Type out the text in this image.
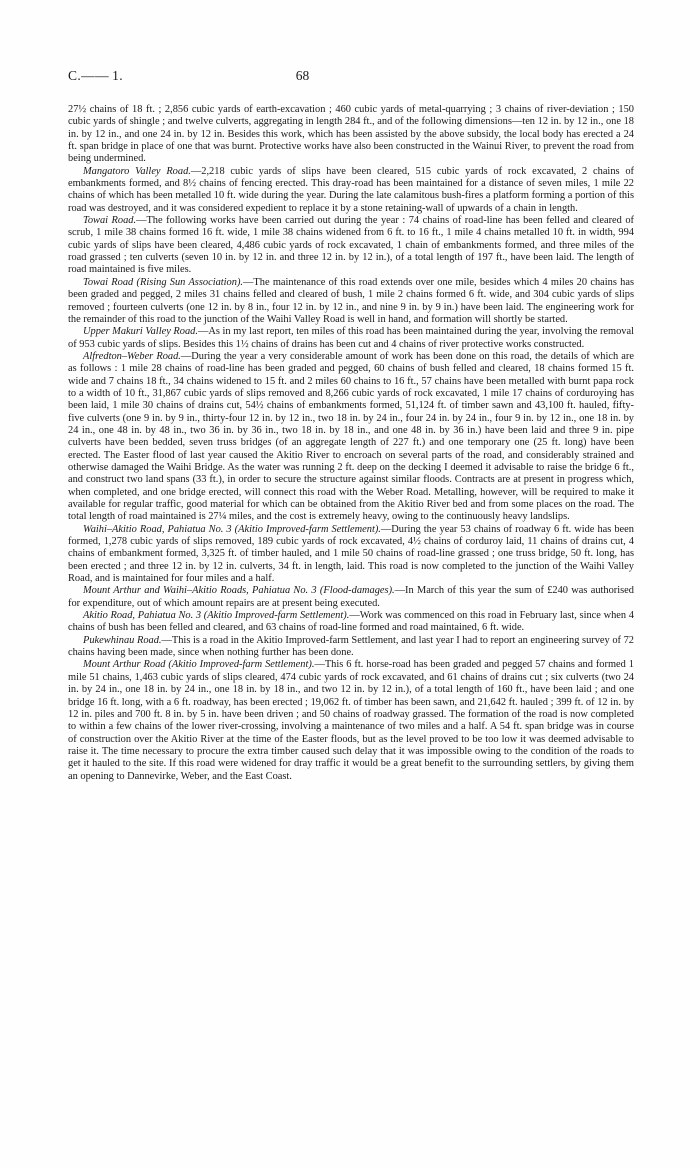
C.—— 1.	68

27½ chains of 18 ft. ; 2,856 cubic yards of earth-excavation ; 460 cubic yards of metal-quarrying ; 3 chains of river-deviation ; 150 cubic yards of shingle ; and twelve culverts, aggregating in length 284 ft., and of the following dimensions—ten 12 in. by 12 in., one 18 in. by 12 in., and one 24 in. by 12 in. Besides this work, which has been assisted by the above subsidy, the local body has erected a 24 ft. span bridge in place of one that was burnt. Protective works have also been constructed in the Wainui River, to prevent the road from being undermined.

Mangatoro Valley Road.—2,218 cubic yards of slips have been cleared, 515 cubic yards of rock excavated, 2 chains of embankments formed, and 8½ chains of fencing erected. This dray-road has been maintained for a distance of seven miles, 1 mile 22 chains of which has been metalled 10 ft. wide during the year. During the late calamitous bush-fires a platform forming a portion of this road was destroyed, and it was considered expedient to replace it by a stone retaining-wall of upwards of a chain in length.

Towai Road.—The following works have been carried out during the year : 74 chains of road-line has been felled and cleared of scrub, 1 mile 38 chains formed 16 ft. wide, 1 mile 38 chains widened from 6 ft. to 16 ft., 1 mile 4 chains metalled 10 ft. in width, 994 cubic yards of slips have been cleared, 4,486 cubic yards of rock excavated, 1 chain of embankments formed, and three miles of the road grassed ; ten culverts (seven 10 in. by 12 in. and three 12 in. by 12 in.), of a total length of 197 ft., have been laid. The length of road maintained is five miles.

Towai Road (Rising Sun Association).—The maintenance of this road extends over one mile, besides which 4 miles 20 chains has been graded and pegged, 2 miles 31 chains felled and cleared of bush, 1 mile 2 chains formed 6 ft. wide, and 304 cubic yards of slips removed ; fourteen culverts (one 12 in. by 8 in., four 12 in. by 12 in., and nine 9 in. by 9 in.) have been laid. The engineering work for the remainder of this road to the junction of the Waihi Valley Road is well in hand, and formation will shortly be started.

Upper Makuri Valley Road.—As in my last report, ten miles of this road has been maintained during the year, involving the removal of 953 cubic yards of slips. Besides this 1½ chains of drains has been cut and 4 chains of river protective works constructed.

Alfredton–Weber Road.—During the year a very considerable amount of work has been done on this road, the details of which are as follows : 1 mile 28 chains of road-line has been graded and pegged, 60 chains of bush felled and cleared, 18 chains formed 15 ft. wide and 7 chains 18 ft., 34 chains widened to 15 ft. and 2 miles 60 chains to 16 ft., 57 chains have been metalled with burnt papa rock to a width of 10 ft., 31,867 cubic yards of slips removed and 8,266 cubic yards of rock excavated, 1 mile 17 chains of corduroying has been laid, 1 mile 30 chains of drains cut, 54½ chains of embankments formed, 51,124 ft. of timber sawn and 43,100 ft. hauled, fifty-five culverts (one 9 in. by 9 in., thirty-four 12 in. by 12 in., two 18 in. by 24 in., four 24 in. by 24 in., four 9 in. by 12 in., one 18 in. by 24 in., one 48 in. by 48 in., two 36 in. by 36 in., two 18 in. by 18 in., and one 48 in. by 36 in.) have been laid and three 9 in. pipe culverts have been bedded, seven truss bridges (of an aggregate length of 227 ft.) and one temporary one (25 ft. long) have been erected. The Easter flood of last year caused the Akitio River to encroach on several parts of the road, and considerably strained and otherwise damaged the Waihi Bridge. As the water was running 2 ft. deep on the decking I deemed it advisable to raise the bridge 6 ft., and construct two land spans (33 ft.), in order to secure the structure against similar floods. Contracts are at present in progress which, when completed, and one bridge erected, will connect this road with the Weber Road. Metalling, however, will be required to make it available for regular traffic, good material for which can be obtained from the Akitio River bed and from some places on the road. The total length of road maintained is 27¼ miles, and the cost is extremely heavy, owing to the continuously heavy landslips.

Waihi–Akitio Road, Pahiatua No. 3 (Akitio Improved-farm Settlement).—During the year 53 chains of roadway 6 ft. wide has been formed, 1,278 cubic yards of slips removed, 189 cubic yards of rock excavated, 4½ chains of corduroy laid, 11 chains of drains cut, 4 chains of embankment formed, 3,325 ft. of timber hauled, and 1 mile 50 chains of road-line grassed ; one truss bridge, 50 ft. long, has been erected ; and three 12 in. by 12 in. culverts, 34 ft. in length, laid. This road is now completed to the junction of the Waihi Valley Road, and is maintained for four miles and a half.

Mount Arthur and Waihi–Akitio Roads, Pahiatua No. 3 (Flood-damages).—In March of this year the sum of £240 was authorised for expenditure, out of which amount repairs are at present being executed.

Akitio Road, Pahiatua No. 3 (Akitio Improved-farm Settlement).—Work was commenced on this road in February last, since when 4 chains of bush has been felled and cleared, and 63 chains of road-line formed and road maintained, 6 ft. wide.

Pukewhinau Road.—This is a road in the Akitio Improved-farm Settlement, and last year I had to report an engineering survey of 72 chains having been made, since when nothing further has been done.

Mount Arthur Road (Akitio Improved-farm Settlement).—This 6 ft. horse-road has been graded and pegged 57 chains and formed 1 mile 51 chains, 1,463 cubic yards of slips cleared, 474 cubic yards of rock excavated, and 61 chains of drains cut ; six culverts (two 24 in. by 24 in., one 18 in. by 24 in., one 18 in. by 18 in., and two 12 in. by 12 in.), of a total length of 160 ft., have been laid ; and one bridge 16 ft. long, with a 6 ft. roadway, has been erected ; 19,062 ft. of timber has been sawn, and 21,642 ft. hauled ; 399 ft. of 12 in. by 12 in. piles and 700 ft. 8 in. by 5 in. have been driven ; and 50 chains of roadway grassed. The formation of the road is now completed to within a few chains of the lower river-crossing, involving a maintenance of two miles and a half. A 54 ft. span bridge was in course of construction over the Akitio River at the time of the Easter floods, but as the level proved to be too low it was deemed advisable to raise it. The time necessary to procure the extra timber caused such delay that it was impossible owing to the condition of the roads to get it hauled to the site. If this road were widened for dray traffic it would be a great benefit to the surrounding settlers, by giving them an opening to Dannevirke, Weber, and the East Coast.
